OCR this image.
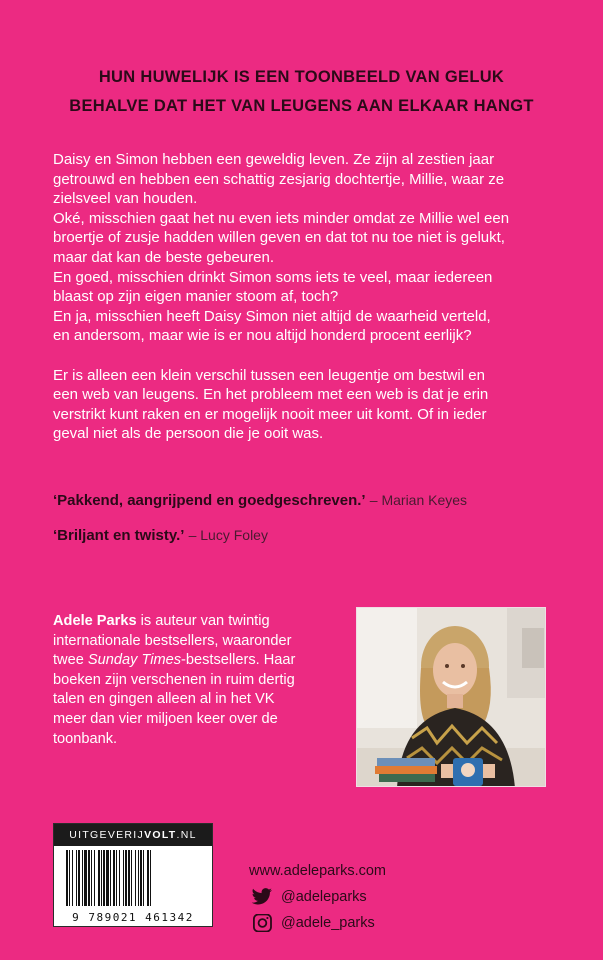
HUN HUWELIJK IS EEN TOONBEELD VAN GELUK
BEHALVE DAT HET VAN LEUGENS AAN ELKAAR HANGT

Daisy en Simon hebben een geweldig leven. Ze zijn al zestien jaar

getrouwd en hebben een schattig zesjarig dochtertje, Millie, waar ze

zielsveel van houden.

Oké, misschien gaat het nu even iets minder omdat ze Millie wel een

broertje of zusje hadden willen geven en dat tot nu toe niet is gelukt,

maar dat kan de beste gebeuren.

En goed, misschien drinkt Simon soms iets te veel, maar iedereen

blaast op zijn eigen manier stoom af, toch?

En ja, misschien heeft Daisy Simon niet altijd de waarheid verteld,

en andersom, maar wie is er nou altijd honderd procent eerlijk?

Er is alleen een klein verschil tussen een leugentje om bestwil en

een web van leugens. En het probleem met een web is dat je erin

verstrikt kunt raken en er mogelijk nooit meer uit komt. Of in ieder

geval niet als de persoon die je ooit was.

‘Pakkend, aangrijpend en goedgeschreven.’ – Marian Keyes
‘Briljant en twisty.’ – Lucy Foley
Adele Parks is auteur van twintig
internationale bestsellers, waaronder
twee Sunday Times-bestsellers. Haar
boeken zijn verschenen in ruim dertig
talen en gingen alleen al in het VK
meer dan vier miljoen keer over de
toonbank.
UITGEVERIJVOLT.NL
9 789021 461342
www.adeleparks.com
@adeleparks
@adele_parks
